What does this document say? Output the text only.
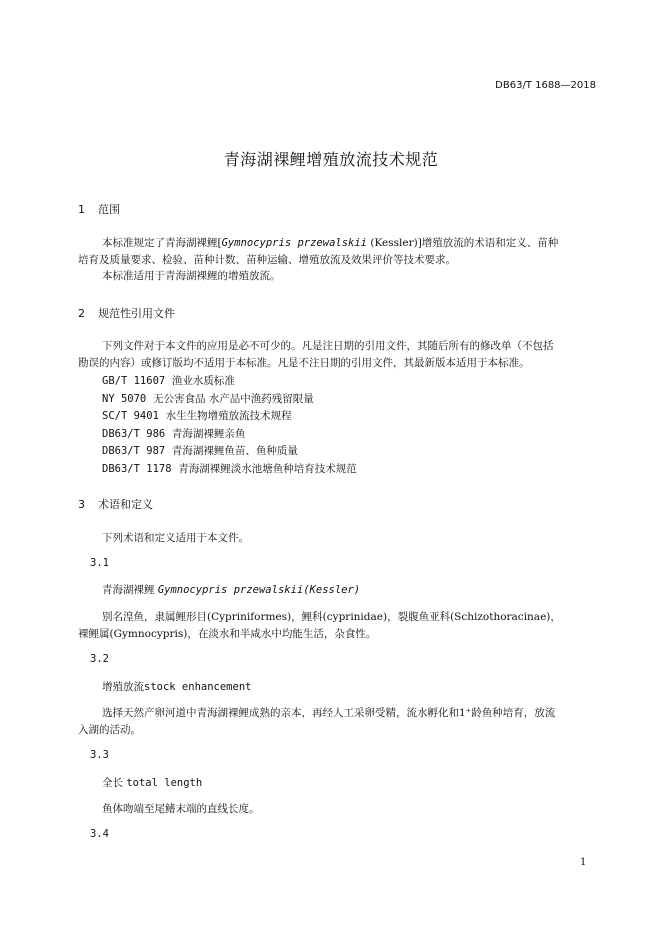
DB63/T 1688—2018
青海湖裸鲤增殖放流技术规范
1 范围
本标准规定了青海湖裸鲤[Gymnocypris przewalskii (Kessler)]增殖放流的术语和定义、苗种
培育及质量要求、检验、苗种计数、苗种运输、增殖放流及效果评价等技术要求。
本标准适用于青海湖裸鲤的增殖放流。
2 规范性引用文件
下列文件对于本文件的应用是必不可少的。凡是注日期的引用文件，其随后所有的修改单（不包括
勘误的内容）或修订版均不适用于本标准。凡是不注日期的引用文件，其最新版本适用于本标准。
GB/T 11607 渔业水质标准
NY 5070 无公害食品 水产品中渔药残留限量
SC/T 9401 水生生物增殖放流技术规程
DB63/T 986 青海湖裸鲤亲鱼
DB63/T 987 青海湖裸鲤鱼苗、鱼种质量
DB63/T 1178 青海湖裸鲤淡水池塘鱼种培育技术规范
3 术语和定义
下列术语和定义适用于本文件。
3.1
青海湖裸鲤 Gymnocypris przewalskii(Kessler)
别名湟鱼，隶属鲤形目(Cypriniformes)，鲤科(cyprinidae)，裂腹鱼亚科(Schizothoracinae)，
裸鲤属(Gymnocypris)，在淡水和半咸水中均能生活，杂食性。
3.2
增殖放流stock enhancement
选择天然产卵河道中青海湖裸鲤成熟的亲本，再经人工采卵受精，流水孵化和1⁺龄鱼种培育，放流
入湖的活动。
3.3
全长 total length
鱼体吻端至尾鳍末端的直线长度。
3.4
1
